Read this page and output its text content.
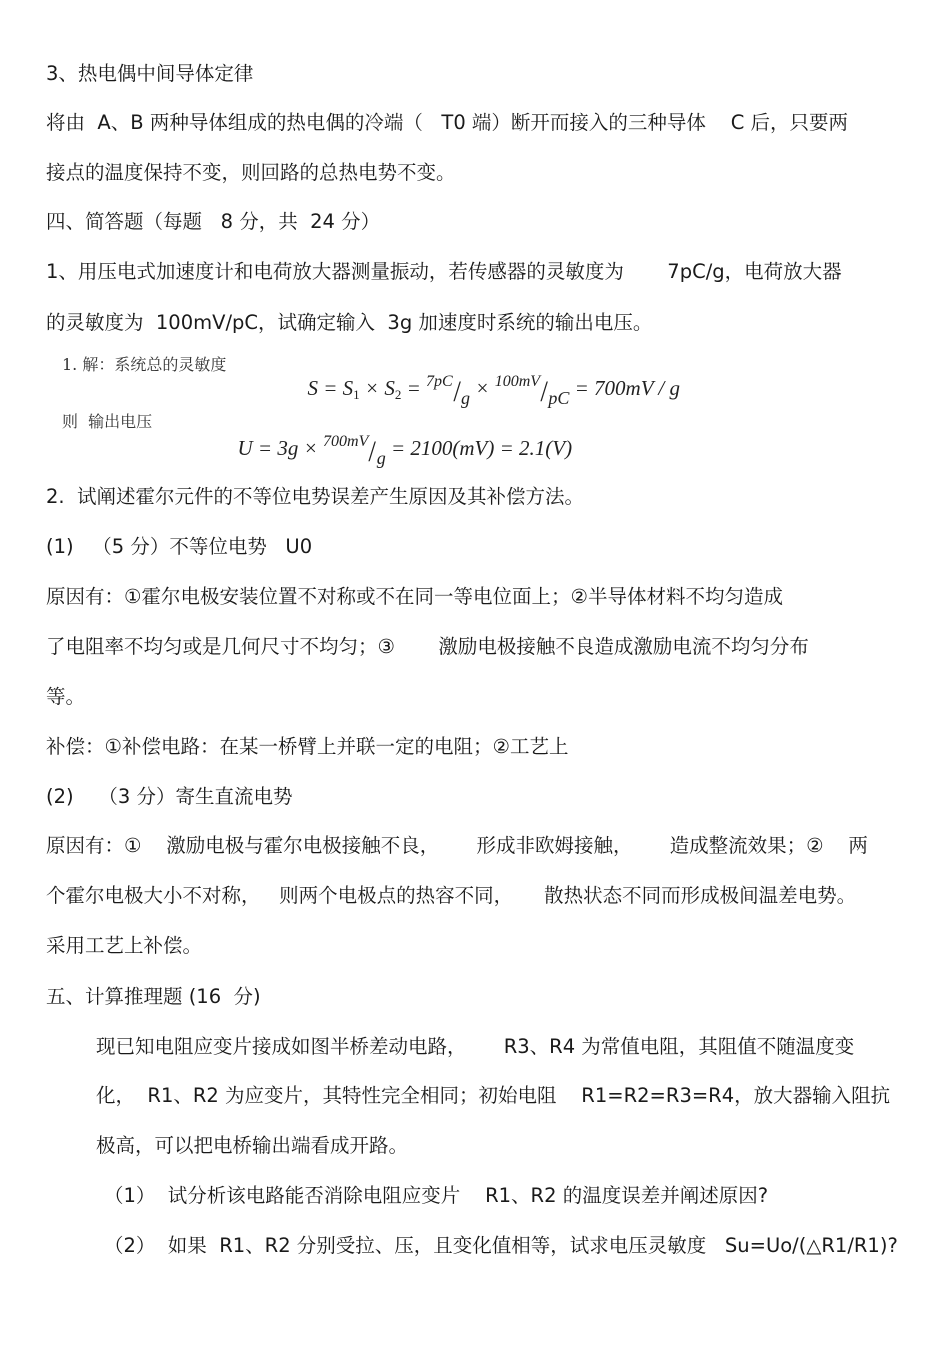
3、热电偶中间导体定律
将由  A、B 两种导体组成的热电偶的冷端（   T0 端）断开而接入的三种导体    C 后，只要两
接点的温度保持不变，则回路的总热电势不变。
四、简答题（每题   8 分，共  24 分）
1、用压电式加速度计和电荷放大器测量振动，若传感器的灵敏度为       7pC/g，电荷放大器
的灵敏度为  100mV/pC，试确定输入  3g 加速度时系统的输出电压。
1. 解：系统总的灵敏度

$S = S_1 \times S_2 = ^{7pC}/g \times ^{100mV}/pC = 700mV / g$

则  输出电压

U = 3g × $^{700mV}$/g = 2100(mV) = 2.1(V)

2.  试阐述霍尔元件的不等位电势误差产生原因及其补偿方法。
(1)   （5 分）不等位电势   U0
原因有：①霍尔电极安装位置不对称或不在同一等电位面上；②半导体材料不均匀造成
了电阻率不均匀或是几何尺寸不均匀；③       激励电极接触不良造成激励电流不均匀分布
等。
补偿：①补偿电路：在某一桥臂上并联一定的电阻；②工艺上
(2)    （3 分）寄生直流电势
原因有：①    激励电极与霍尔电极接触不良，      形成非欧姆接触，      造成整流效果；②    两
个霍尔电极大小不对称，   则两个电极点的热容不同，     散热状态不同而形成极间温差电势。
采用工艺上补偿。
五、计算推理题 (16  分)
现已知电阻应变片接成如图半桥差动电路，      R3、R4 为常值电阻，其阻值不随温度变
化，  R1、R2 为应变片，其特性完全相同；初始电阻    R1=R2=R3=R4，放大器输入阻抗
极高，可以把电桥输出端看成开路。
（1）  试分析该电路能否消除电阻应变片    R1、R2 的温度误差并阐述原因?
（2）  如果  R1、R2 分别受拉、压，且变化值相等，试求电压灵敏度   Su=Uo/(△R1/R1)?
